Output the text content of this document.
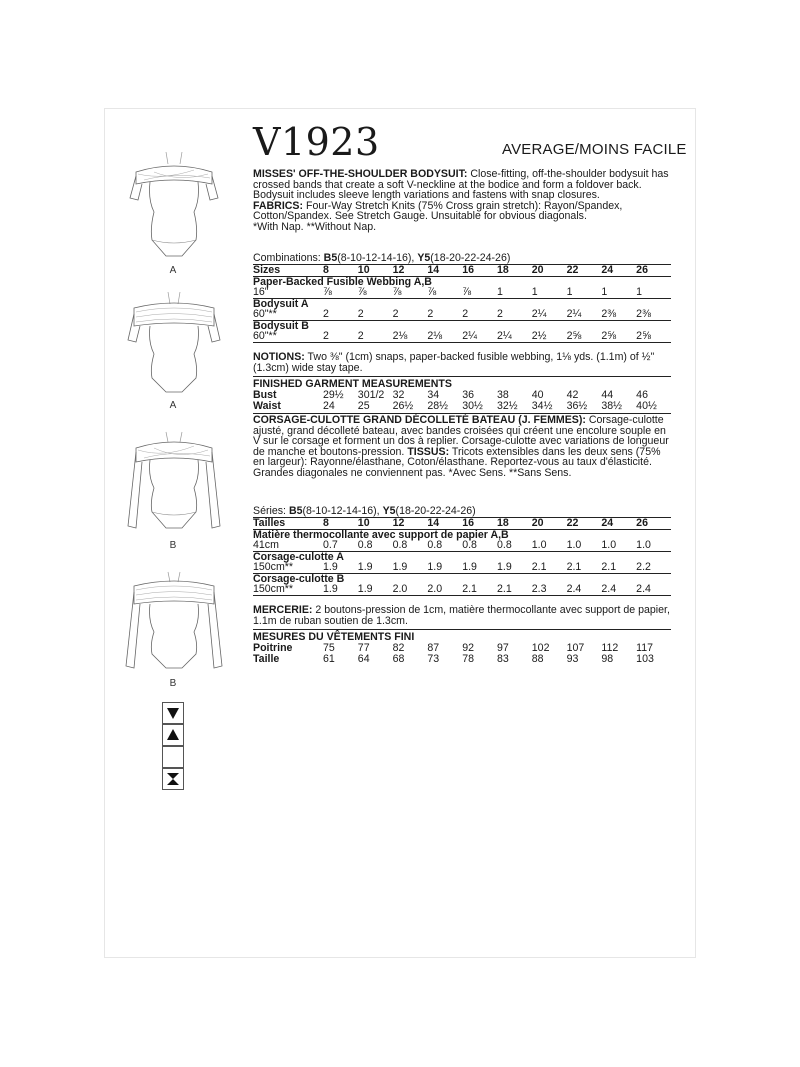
A
A
B
B
V1923	AVERAGE/MOINS FACILE
MISSES' OFF-THE-SHOULDER BODYSUIT: Close-fitting, off-the-shoulder bodysuit has crossed bands that create a soft V-neckline at the bodice and form a foldover back. Bodysuit includes sleeve length variations and fastens with snap closures.
FABRICS: Four-Way Stretch Knits (75% Cross grain stretch): Rayon/Spandex, Cotton/Spandex. See Stretch Gauge. Unsuitable for obvious diagonals.
*With Nap. **Without Nap.
Combinations: B5(8-10-12-14-16), Y5(18-20-22-24-26)
Sizes	8	10	12	14	16	18	20	22	24	26
Paper-Backed Fusible Webbing A,B										
16"	⅞	⅞	⅞	⅞	⅞	1	1	1	1	1
Bodysuit A										
60"**	2	2	2	2	2	2	2¼	2¼	2⅜	2⅜
Bodysuit B										
60"**	2	2	2⅛	2⅛	2¼	2¼	2½	2⅝	2⅝	2⅝

NOTIONS: Two ⅜" (1cm) snaps, paper-backed fusible webbing, 1⅛ yds. (1.1m) of ½" (1.3cm) wide stay tape.
FINISHED GARMENT MEASUREMENTS
Bust	29½	301/2	32	34	36	38	40	42	44	46
Waist	24	25	26½	28½	30½	32½	34½	36½	38½	40½
CORSAGE-CULOTTE GRAND DÉCOLLETÉ BATEAU (J. FEMMES): Corsage-culotte ajusté, grand décolleté bateau, avec bandes croisées qui créent une encolure souple en V sur le corsage et forment un dos à replier. Corsage-culotte avec variations de longueur de manche et boutons-pression. TISSUS: Tricots extensibles dans les deux sens (75% en largeur): Rayonne/élasthane, Coton/élasthane. Reportez-vous au taux d'élasticité. Grandes diagonales ne conviennent pas. *Avec Sens. **Sans Sens.
Séries: B5(8-10-12-14-16), Y5(18-20-22-24-26)
Tailles	8	10	12	14	16	18	20	22	24	26
Matière thermocollante avec support de papier A,B										
41cm	0.7	0.8	0.8	0.8	0.8	0.8	1.0	1.0	1.0	1.0
Corsage-culotte A										
150cm**	1.9	1.9	1.9	1.9	1.9	1.9	2.1	2.1	2.1	2.2
Corsage-culotte B										
150cm**	1.9	1.9	2.0	2.0	2.1	2.1	2.3	2.4	2.4	2.4

MERCERIE: 2 boutons-pression de 1cm, matière thermocollante avec support de papier, 1.1m de ruban soutien de 1.3cm.
MESURES DU VÊTEMENTS FINI
Poitrine	75	77	82	87	92	97	102	107	112	117
Taille	61	64	68	73	78	83	88	93	98	103
